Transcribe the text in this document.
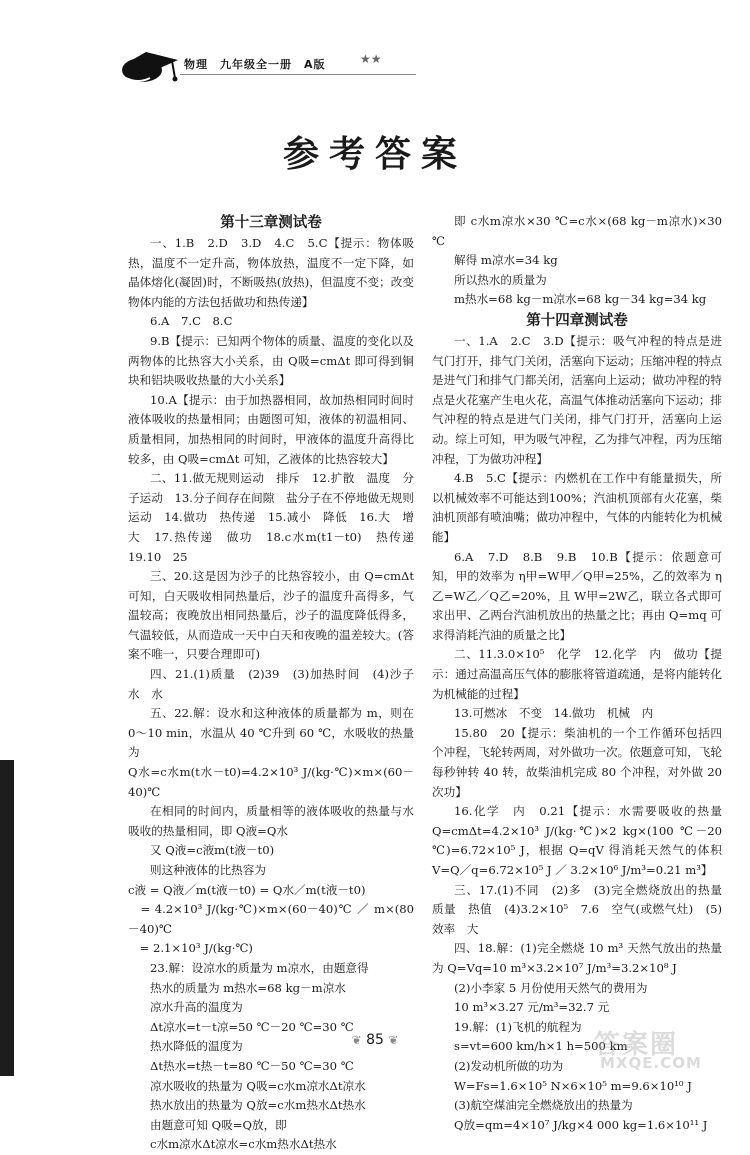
物理　九年级全一册　A版	★★
参考答案
第十三章测试卷

一、1.B　2.D　3.D　4.C　5.C【提示：物体吸热，温度不一定升高，物体放热，温度不一定下降，如晶体熔化(凝固)时，不断吸热(放热)，但温度不变；改变物体内能的方法包括做功和热传递】

6.A　7.C　8.C

9.B【提示：已知两个物体的质量、温度的变化以及两物体的比热容大小关系，由 Q吸=cmΔt 即可得到铜块和铝块吸收热量的大小关系】

10.A【提示：由于加热器相同，故加热相同时间时液体吸收的热量相同；由题图可知，液体的初温相同、质量相同，加热相同的时间时，甲液体的温度升高得比较多，由 Q吸=cmΔt 可知，乙液体的比热容较大】

二、11.做无规则运动　排斥　12.扩散　温度　分子运动　13.分子间存在间隙　盐分子在不停地做无规则运动　14.做功　热传递　15.减小　降低　16.大　增大　17.热传递　做功　18.c水m(t1－t0)　热传递　19.10　25

三、20.这是因为沙子的比热容较小，由 Q=cmΔt 可知，白天吸收相同热量后，沙子的温度升高得多，气温较高；夜晚放出相同热量后，沙子的温度降低得多，气温较低，从而造成一天中白天和夜晚的温差较大。(答案不唯一，只要合理即可)

四、21.(1)质量　(2)39　(3)加热时间　(4)沙子　水　水

五、22.解：设水和这种液体的质量都为 m，则在 0～10 min，水温从 40 ℃升到 60 ℃，水吸收的热量为

Q水=c水m(t水－t0)=4.2×10³ J/(kg·℃)×m×(60－40)℃

在相同的时间内，质量相等的液体吸收的热量与水吸收的热量相同，即 Q液=Q水

又 Q液=c液m(t液－t0)

则这种液体的比热容为

c液 = Q液／m(t液－t0) = Q水／m(t液－t0)

　= 4.2×10³ J/(kg·℃)×m×(60－40)℃ ／ m×(80－40)℃

　= 2.1×10³ J/(kg·℃)

23.解：设凉水的质量为 m凉水，由题意得

热水的质量为 m热水=68 kg－m凉水

凉水升高的温度为

Δt凉水=t－t凉=50 ℃－20 ℃=30 ℃

热水降低的温度为

Δt热水=t热－t=80 ℃－50 ℃=30 ℃

凉水吸收的热量为 Q吸=c水m凉水Δt凉水

热水放出的热量为 Q放=c水m热水Δt热水

由题意可知 Q吸=Q放，即

c水m凉水Δt凉水=c水m热水Δt热水

即 c水m凉水×30 ℃=c水×(68 kg－m凉水)×30 ℃

解得 m凉水=34 kg

所以热水的质量为

m热水=68 kg－m凉水=68 kg－34 kg=34 kg

第十四章测试卷

一、1.A　2.C　3.D【提示：吸气冲程的特点是进气门打开，排气门关闭，活塞向下运动；压缩冲程的特点是进气门和排气门都关闭，活塞向上运动；做功冲程的特点是火花塞产生电火花，高温气体推动活塞向下运动；排气冲程的特点是进气门关闭，排气门打开，活塞向上运动。综上可知，甲为吸气冲程，乙为排气冲程，丙为压缩冲程，丁为做功冲程】

4.B　5.C【提示：内燃机在工作中有能量损失，所以机械效率不可能达到100%；汽油机顶部有火花塞，柴油机顶部有喷油嘴；做功冲程中，气体的内能转化为机械能】

6.A　7.D　8.B　9.B　10.B【提示：依题意可知，甲的效率为 η甲=W甲／Q甲=25%，乙的效率为 η乙=W乙／Q乙=20%，且 W甲=2W乙，联立各式即可求出甲、乙两台汽油机放出的热量之比；再由 Q=mq 可求得消耗汽油的质量之比】

二、11.3.0×10⁵　化学　12.化学　内　做功【提示：通过高温高压气体的膨胀将管道疏通，是将内能转化为机械能的过程】

13.可燃冰　不变　14.做功　机械　内

15.80　20【提示：柴油机的一个工作循环包括四个冲程，飞轮转两周，对外做功一次。依题意可知，飞轮每秒钟转 40 转，故柴油机完成 80 个冲程，对外做 20 次功】

16.化学　内　0.21【提示：水需要吸收的热量 Q=cmΔt=4.2×10³ J/(kg·℃)×2 kg×(100 ℃－20 ℃)=6.72×10⁵ J，根据 Q=qV 得消耗天然气的体积 V=Q／q=6.72×10⁵ J ／ 3.2×10⁶ J/m³=0.21 m³】

三、17.(1)不同　(2)多　(3)完全燃烧放出的热量　质量　热值　(4)3.2×10⁵　7.6　空气(或燃气灶)　(5)效率　大

四、18.解：(1)完全燃烧 10 m³ 天然气放出的热量为 Q=Vq=10 m³×3.2×10⁷ J/m³=3.2×10⁸ J

(2)小李家 5 月份使用天然气的费用为

10 m³×3.27 元/m³=32.7 元

19.解：(1)飞机的航程为

s=vt=600 km/h×1 h=500 km

(2)发动机所做的功为

W=Fs=1.6×10⁵ N×6×10⁵ m=9.6×10¹⁰ J

(3)航空煤油完全燃烧放出的热量为

Q放=qm=4×10⁷ J/kg×4 000 kg=1.6×10¹¹ J

❦ 85 ❦	答案圈
MXQE.COM
